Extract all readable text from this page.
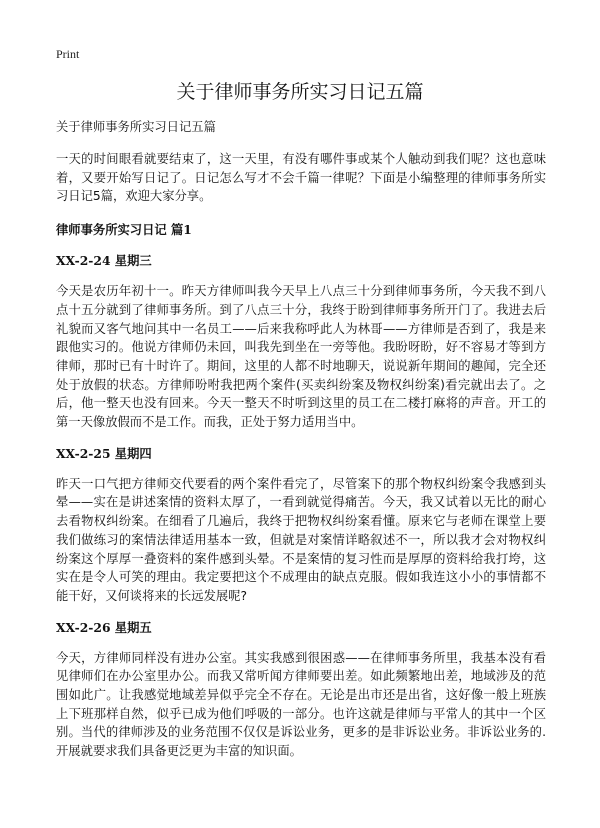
Print
关于律师事务所实习日记五篇

关于律师事务所实习日记五篇

一天的时间眼看就要结束了，这一天里，有没有哪件事或某个人触动到我们呢？这也意味着，又要开始写日记了。日记怎么写才不会千篇一律呢？下面是小编整理的律师事务所实习日记5篇，欢迎大家分享。

律师事务所实习日记 篇1

XX-2-24 星期三

今天是农历年初十一。昨天方律师叫我今天早上八点三十分到律师事务所，今天我不到八点十五分就到了律师事务所。到了八点三十分，我终于盼到律师事务所开门了。我进去后礼貌而又客气地问其中一名员工——后来我称呼此人为林哥——方律师是否到了，我是来跟他实习的。他说方律师仍未回，叫我先到坐在一旁等他。我盼呀盼，好不容易才等到方律师，那时已有十时许了。期间，这里的人都不时地聊天，说说新年期间的趣闻，完全还处于放假的状态。方律师吩咐我把两个案件(买卖纠纷案及物权纠纷案)看完就出去了。之后，他一整天也没有回来。今天一整天不时听到这里的员工在二楼打麻将的声音。开工的第一天像放假而不是工作。而我，正处于努力适用当中。

XX-2-25 星期四

昨天一口气把方律师交代要看的两个案件看完了，尽管案下的那个物权纠纷案令我感到头晕——实在是讲述案情的资料太厚了，一看到就觉得痛苦。今天，我又试着以无比的耐心去看物权纠纷案。在细看了几遍后，我终于把物权纠纷案看懂。原来它与老师在课堂上要我们做练习的案情法律适用基本一致，但就是对案情详略叙述不一，所以我才会对物权纠纷案这个厚厚一叠资料的案件感到头晕。不是案情的复习性而是厚厚的资料给我打垮，这实在是令人可笑的理由。我定要把这个不成理由的缺点克服。假如我连这小小的事情都不能干好，又何谈将来的长远发展呢?

XX-2-26 星期五

今天，方律师同样没有进办公室。其实我感到很困惑——在律师事务所里，我基本没有看见律师们在办公室里办公。而我又常听闻方律师要出差。如此频繁地出差，地域涉及的范围如此广。让我感觉地域差异似乎完全不存在。无论是出市还是出省，这好像一般上班族上下班那样自然，似乎已成为他们呼吸的一部分。也许这就是律师与平常人的其中一个区别。当代的律师涉及的业务范围不仅仅是诉讼业务，更多的是非诉讼业务。非诉讼业务的.开展就要求我们具备更泛更为丰富的知识面。
